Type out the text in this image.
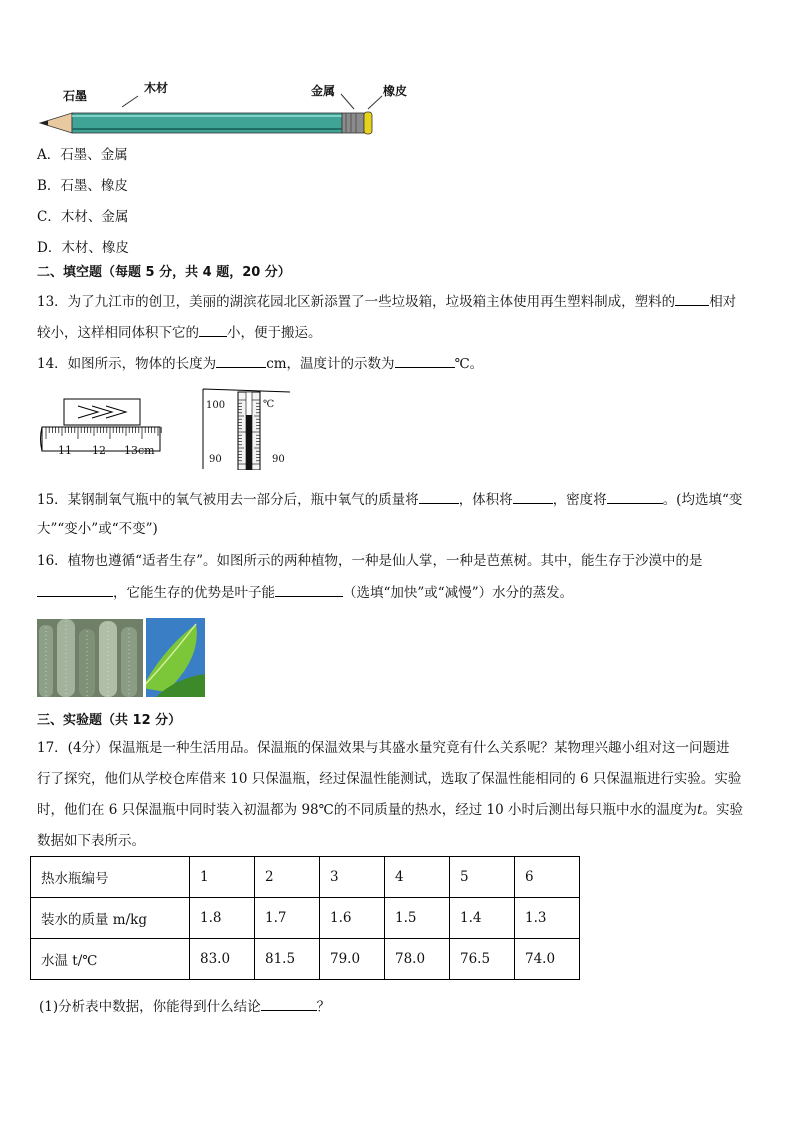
石墨
木材	金属	橡皮
A．石墨、金属
B．石墨、橡皮
C．木材、金属
D．木材、橡皮
二、填空题（每题 5 分，共 4 题，20 分）
13．为了九江市的创卫，美丽的湖滨花园北区新添置了一些垃圾箱，垃圾箱主体使用再生塑料制成，塑料的	相对
较小，这样相同体积下它的 小，便于搬运。
14．如图所示，物体的长度为	cm，温度计的示数为	℃。
11 12 13cm
100	℃
90	90
15．某钢制氧气瓶中的氧气被用去一部分后，瓶中氧气的质量将	，体积将	，密度将	。(均选填“变
大”“变小”或“不变”)
16．植物也遵循“适者生存”。如图所示的两种植物，一种是仙人掌，一种是芭蕉树。其中，能生存于沙漠中的是
，它能生存的优势是叶子能	（选填“加快”或“减慢”）水分的蒸发。
三、实验题（共 12 分）
17．(4分）保温瓶是一种生活用品。保温瓶的保温效果与其盛水量究竟有什么关系呢？某物理兴趣小组对这一问题进
行了探究，他们从学校仓库借来 10 只保温瓶，经过保温性能测试，选取了保温性能相同的 6 只保温瓶进行实验。实验
时，他们在 6 只保温瓶中同时装入初温都为 98℃的不同质量的热水，经过 10 小时后测出每只瓶中水的温度为t。实验
数据如下表所示。
热水瓶编号	1	2	3	4	5	6
装水的质量 m/kg	1.8	1.7	1.6	1.5	1.4	1.3
水温 t/℃	83.0	81.5	79.0	78.0	76.5	74.0
(1)分析表中数据，你能得到什么结论	？
